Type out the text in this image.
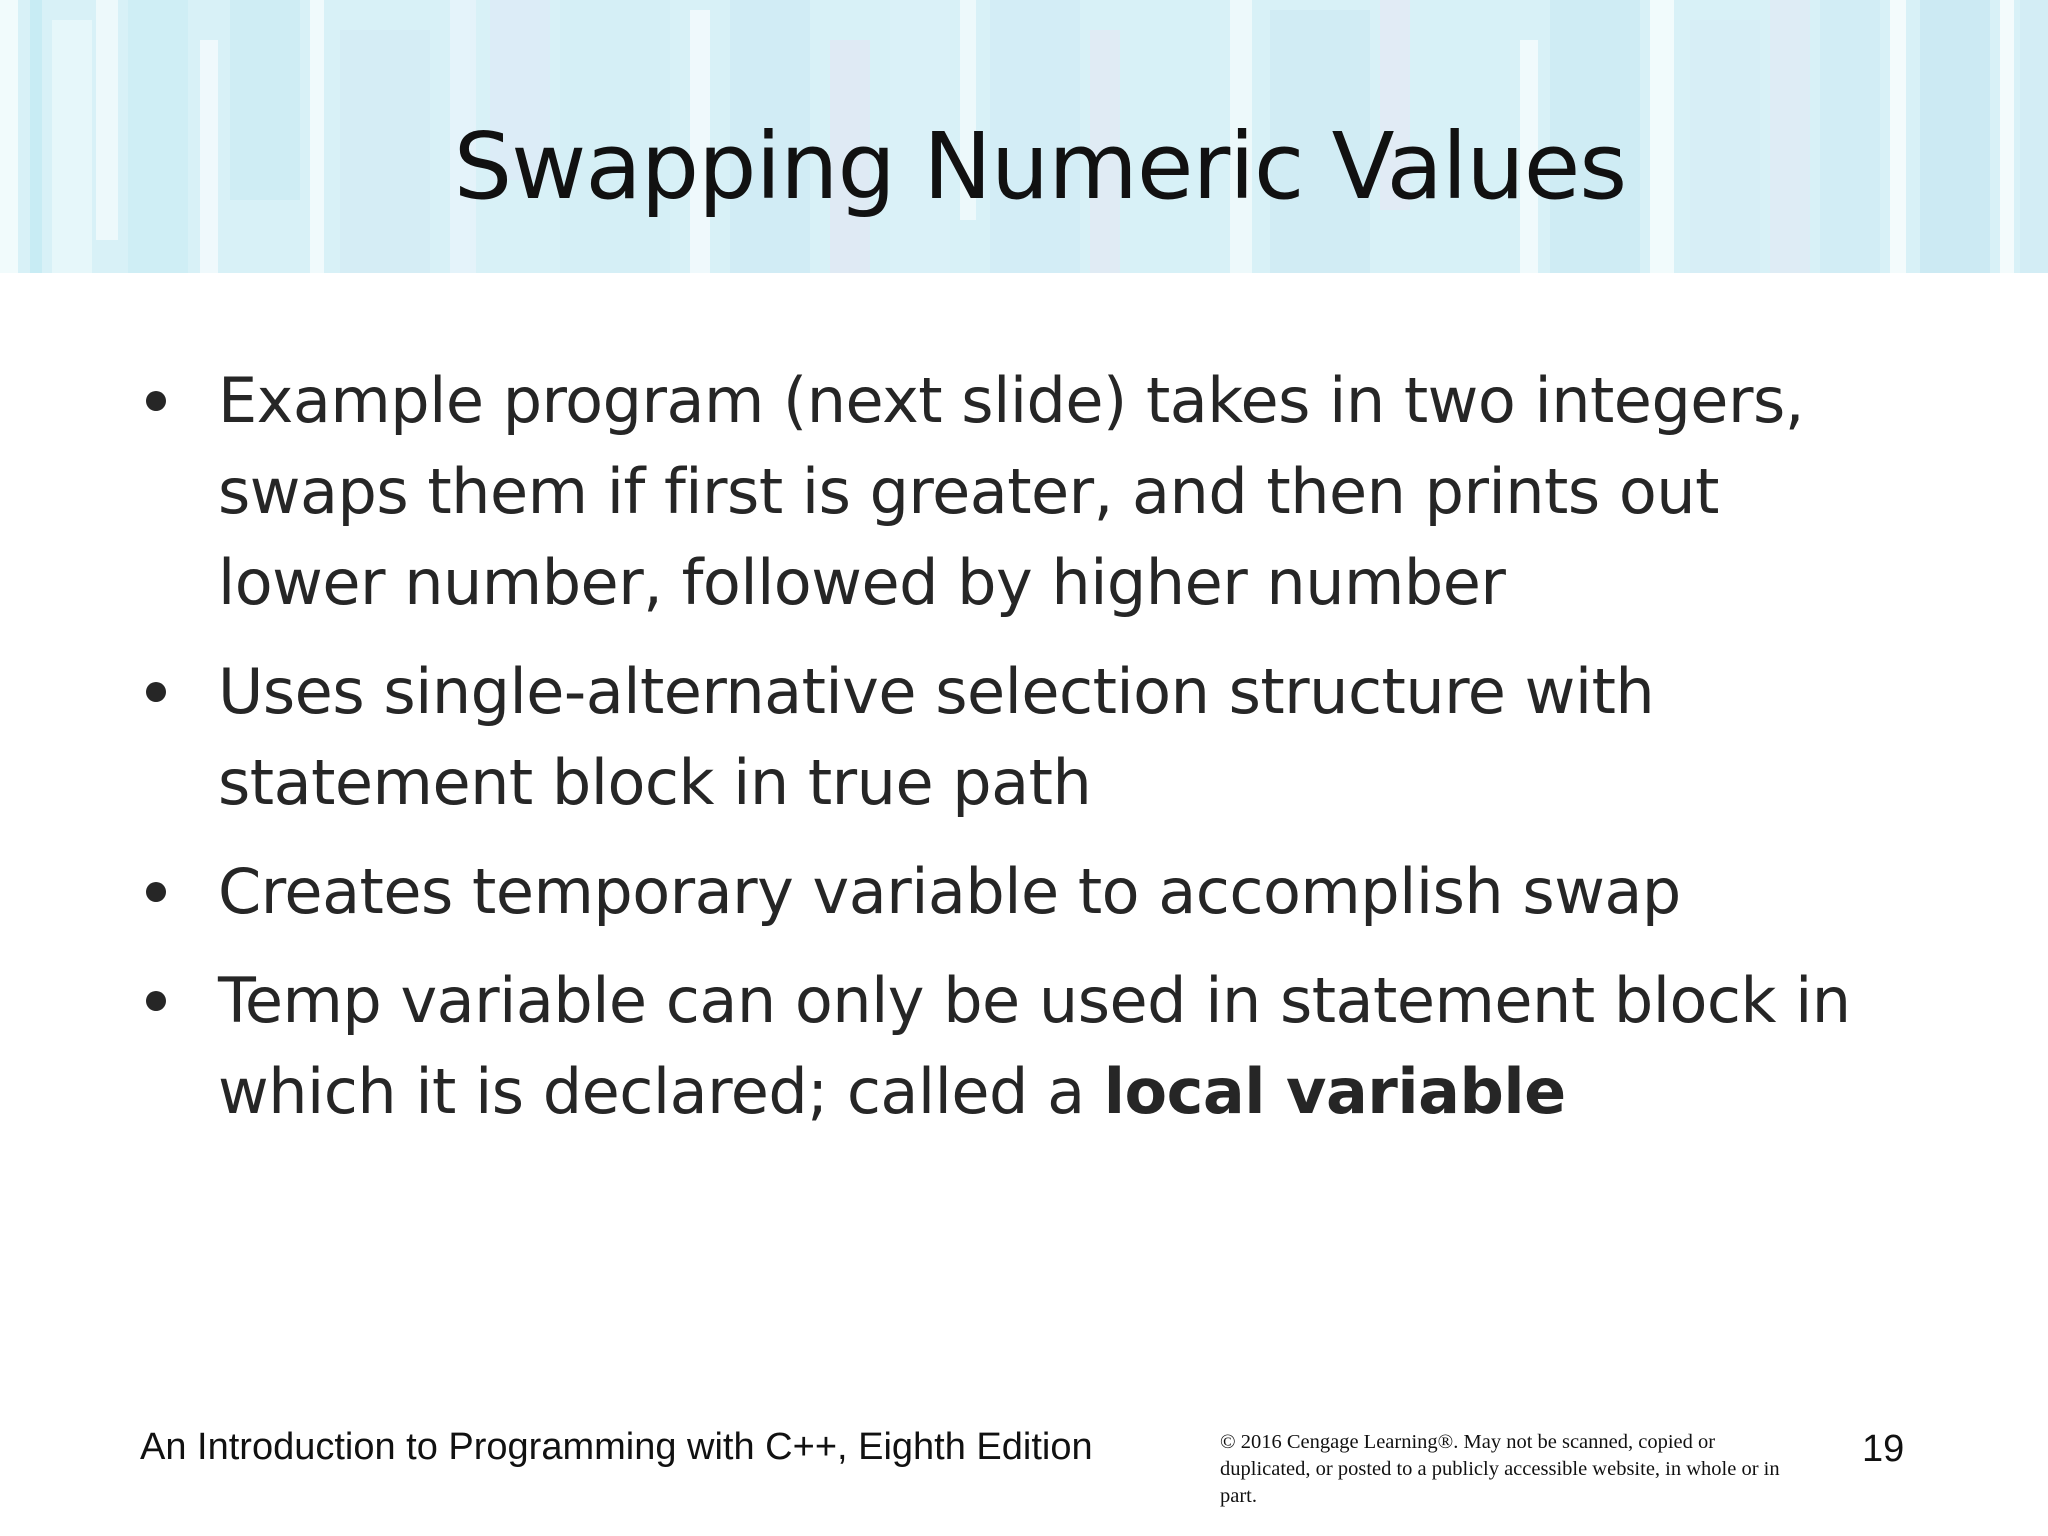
Swapping Numeric Values
Example program (next slide) takes in two integers, swaps them if first is greater, and then prints out lower number, followed by higher number
Uses single-alternative selection structure with statement block in true path
Creates temporary variable to accomplish swap
Temp variable can only be used in statement block in which it is declared; called a local variable
An Introduction to Programming with C++, Eighth Edition	© 2016 Cengage Learning®. May not be scanned, copied or duplicated, or posted to a publicly accessible website, in whole or in part.
19
